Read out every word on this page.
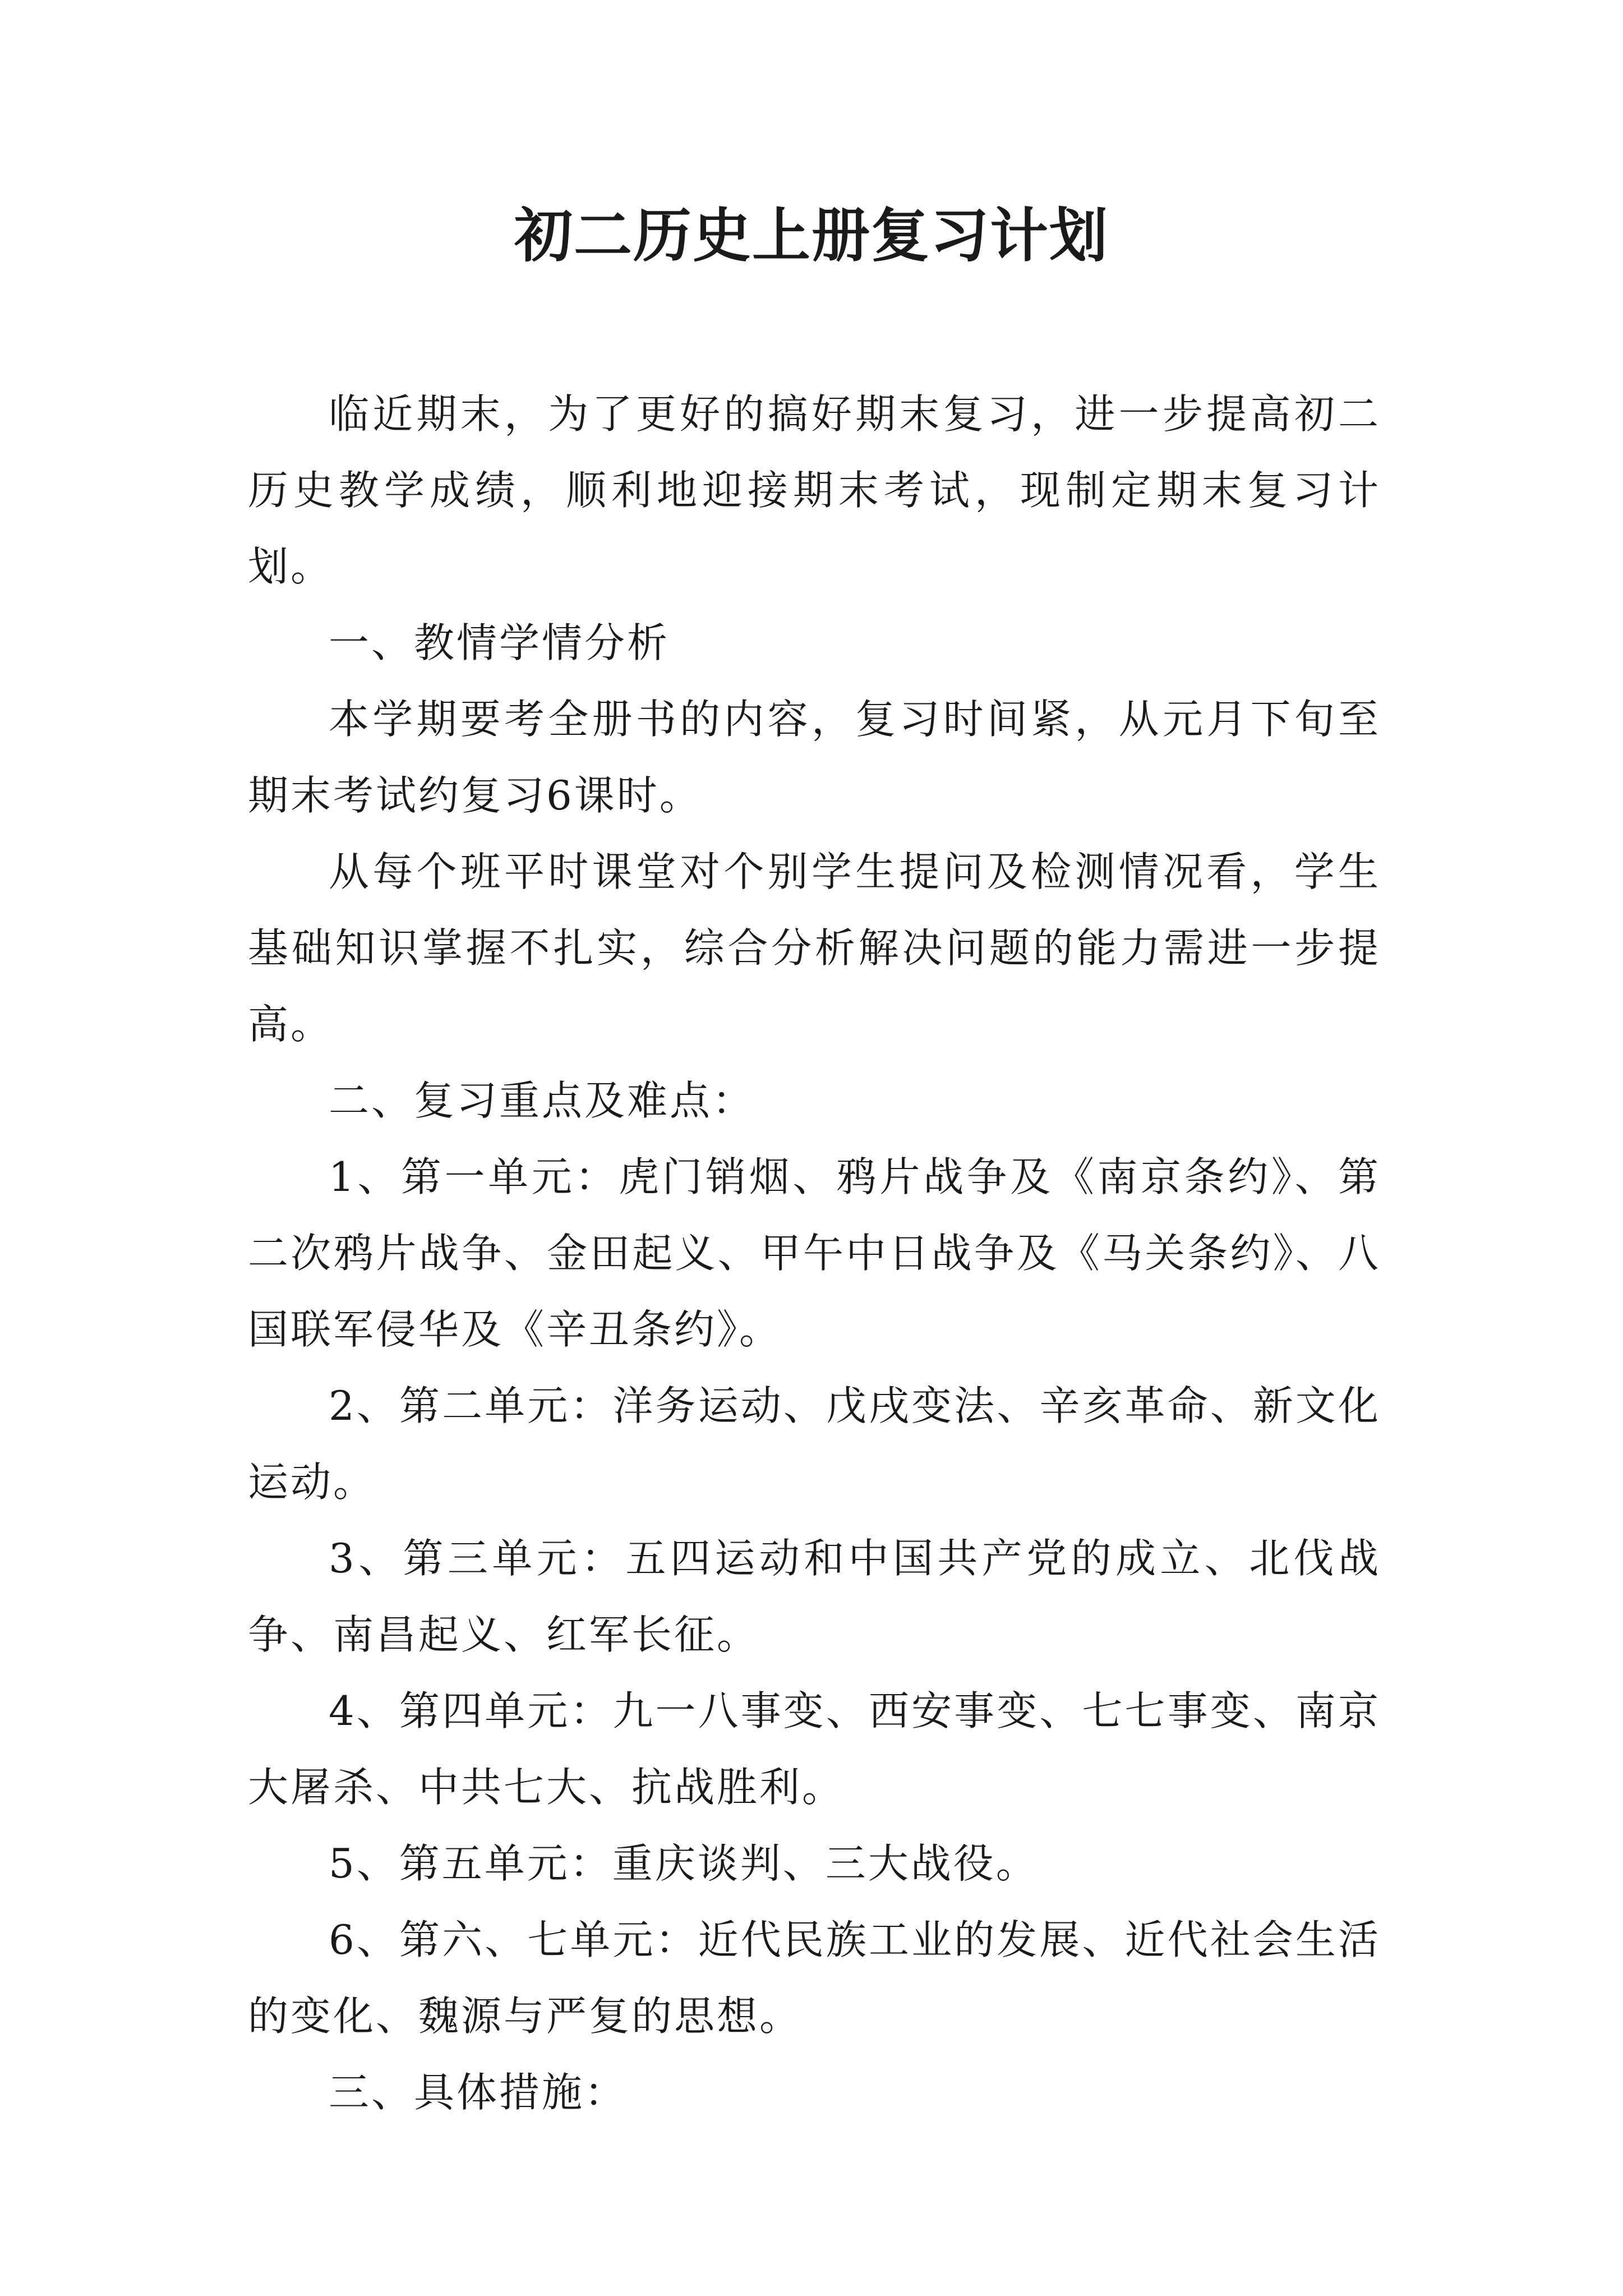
初二历史上册复习计划

临近期末，为了更好的搞好期末复习，进一步提高初二历史教学成绩，顺利地迎接期末考试，现制定期末复习计划。

一、教情学情分析

本学期要考全册书的内容，复习时间紧，从元月下旬至期末考试约复习6课时。

从每个班平时课堂对个别学生提问及检测情况看，学生基础知识掌握不扎实，综合分析解决问题的能力需进一步提高。

二、复习重点及难点：

1、第一单元：虎门销烟、鸦片战争及《南京条约》、第二次鸦片战争、金田起义、甲午中日战争及《马关条约》、八国联军侵华及《辛丑条约》。

2、第二单元：洋务运动、戊戌变法、辛亥革命、新文化运动。

3、第三单元：五四运动和中国共产党的成立、北伐战争、南昌起义、红军长征。

4、第四单元：九一八事变、西安事变、七七事变、南京大屠杀、中共七大、抗战胜利。

5、第五单元：重庆谈判、三大战役。

6、第六、七单元：近代民族工业的发展、近代社会生活的变化、魏源与严复的思想。

三、具体措施：
